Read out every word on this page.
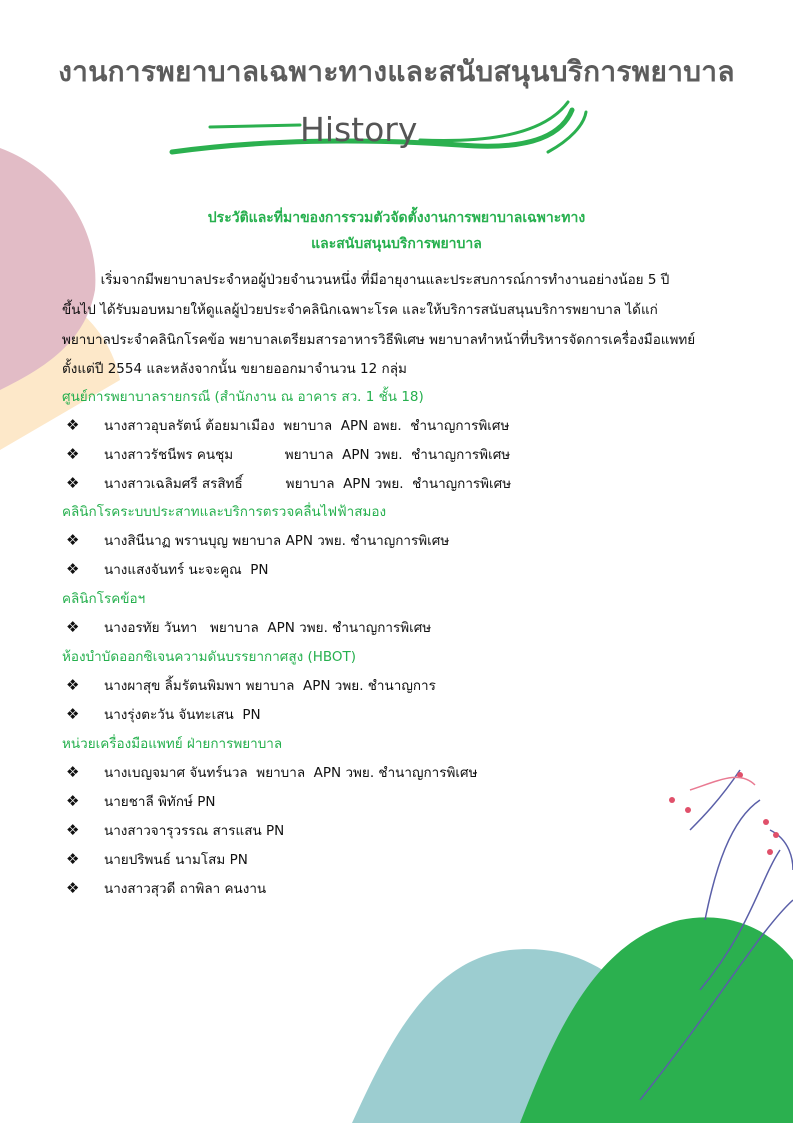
งานการพยาบาลเฉพาะทางและสนับสนุนบริการพยาบาล
History
ประวัติและที่มาของการรวมตัวจัดตั้งงานการพยาบาลเฉพาะทาง
และสนับสนุนบริการพยาบาล
เริ่มจากมีพยาบาลประจำหอผู้ป่วยจำนวนหนึ่ง ที่มีอายุงานและประสบการณ์การทำงานอย่างน้อย 5 ปี
ขึ้นไป ได้รับมอบหมายให้ดูแลผู้ป่วยประจำคลินิกเฉพาะโรค และให้บริการสนับสนุนบริการพยาบาล ได้แก่
พยาบาลประจำคลินิกโรคข้อ พยาบาลเตรียมสารอาหารวิธีพิเศษ พยาบาลทำหน้าที่บริหารจัดการเครื่องมือแพทย์
ตั้งแต่ปี 2554 และหลังจากนั้น ขยายออกมาจำนวน 12 กลุ่ม
ศูนย์การพยาบาลรายกรณี (สำนักงาน ณ อาคาร สว. 1 ชั้น 18)
❖ นางสาวอุบลรัตน์ ต้อยมาเมือง  พยาบาล  APN อพย.  ชำนาญการพิเศษ
❖ นางสาวรัชนีพร คนชุม            พยาบาล  APN วพย.  ชำนาญการพิเศษ
❖ นางสาวเฉลิมศรี สรสิทธิ์          พยาบาล  APN วพย.  ชำนาญการพิเศษ
คลินิกโรคระบบประสาทและบริการตรวจคลื่นไฟฟ้าสมอง
❖ นางสินีนาฏ พรานบุญ พยาบาล APN วพย. ชำนาญการพิเศษ
❖ นางแสงจันทร์ นะจะคูณ  PN
คลินิกโรคข้อฯ
❖ นางอรทัย วันทา   พยาบาล  APN วพย. ชำนาญการพิเศษ
ห้องบำบัดออกซิเจนความดันบรรยากาศสูง (HBOT)
❖ นางผาสุข ลิ้มรัตนพิมพา พยาบาล  APN วพย. ชำนาญการ
❖ นางรุ่งตะวัน จันทะเสน  PN
หน่วยเครื่องมือแพทย์ ฝ่ายการพยาบาล
❖ นางเบญจมาศ จันทร์นวล  พยาบาล  APN วพย. ชำนาญการพิเศษ
❖ นายชาลี พิทักษ์ PN
❖ นางสาวจารุวรรณ สารแสน PN
❖ นายปริพนธ์ นามโสม PN
❖ นางสาวสุวดี ถาพิลา คนงาน
